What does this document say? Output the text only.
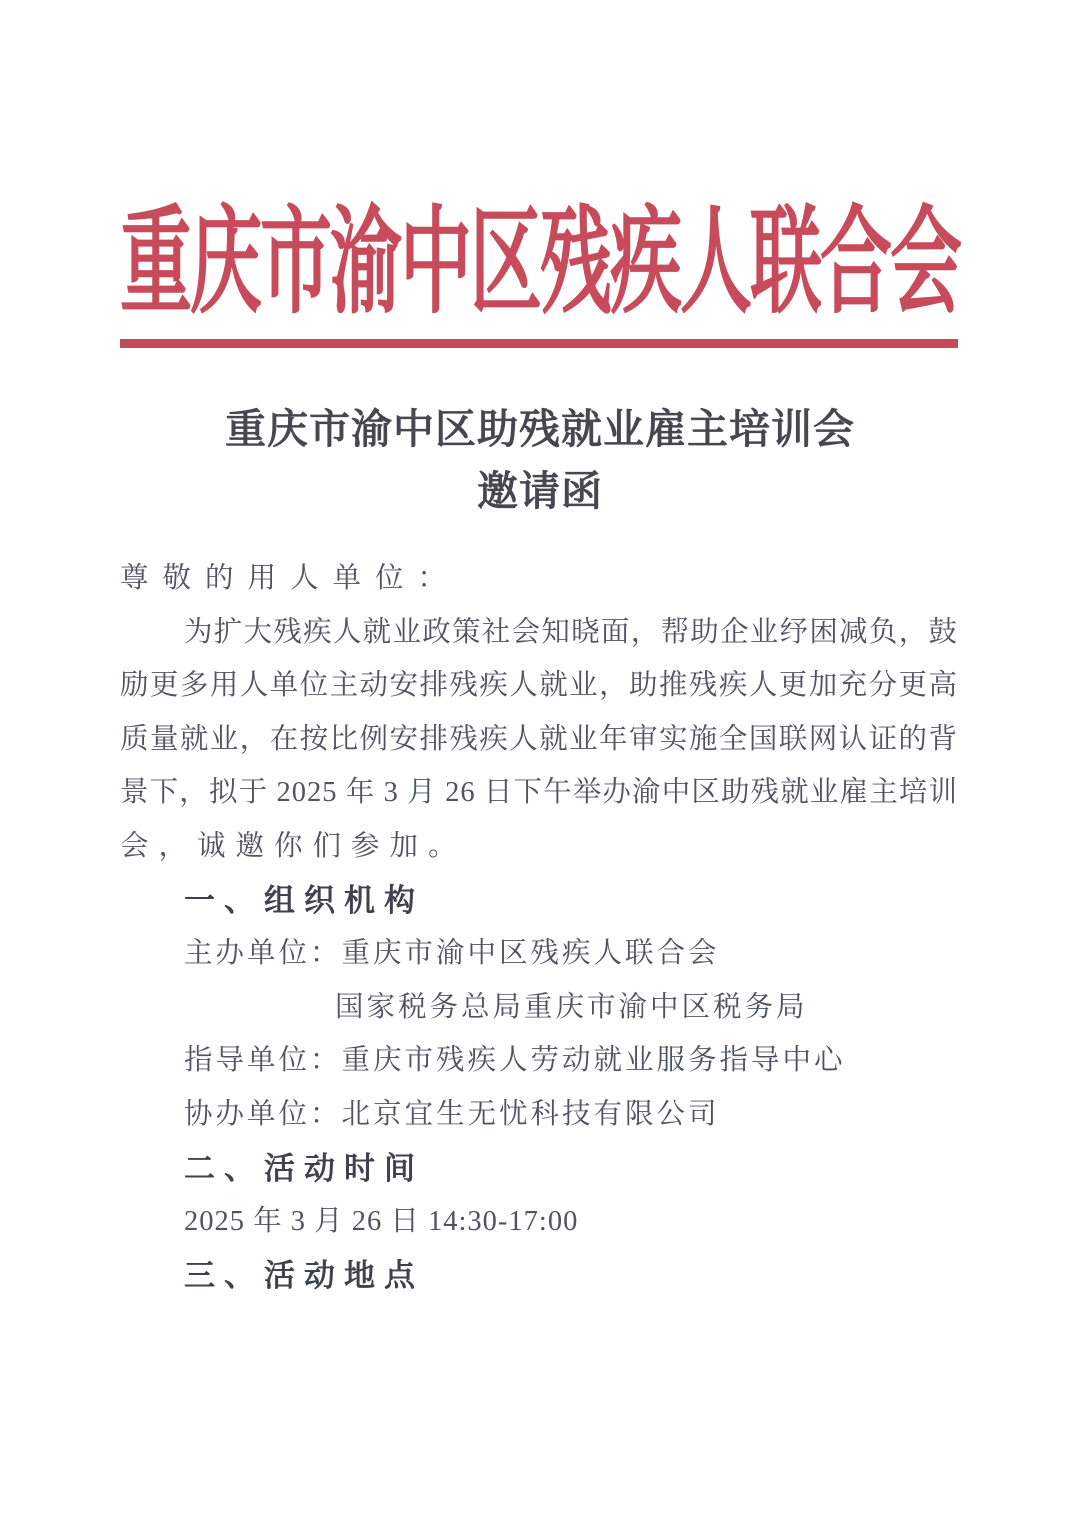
重庆市渝中区残疾人联合会
重庆市渝中区助残就业雇主培训会
邀请函
尊敬的用人单位：
为扩大残疾人就业政策社会知晓面，帮助企业纾困减负，鼓
励更多用人单位主动安排残疾人就业，助推残疾人更加充分更高
质量就业，在按比例安排残疾人就业年审实施全国联网认证的背
景下，拟于 2025 年 3 月 26 日下午举办渝中区助残就业雇主培训
会，诚邀你们参加。
一、组织机构
主办单位：重庆市渝中区残疾人联合会
国家税务总局重庆市渝中区税务局
指导单位：重庆市残疾人劳动就业服务指导中心
协办单位：北京宜生无忧科技有限公司
二、活动时间
2025 年 3 月 26 日 14:30-17:00
三、活动地点
